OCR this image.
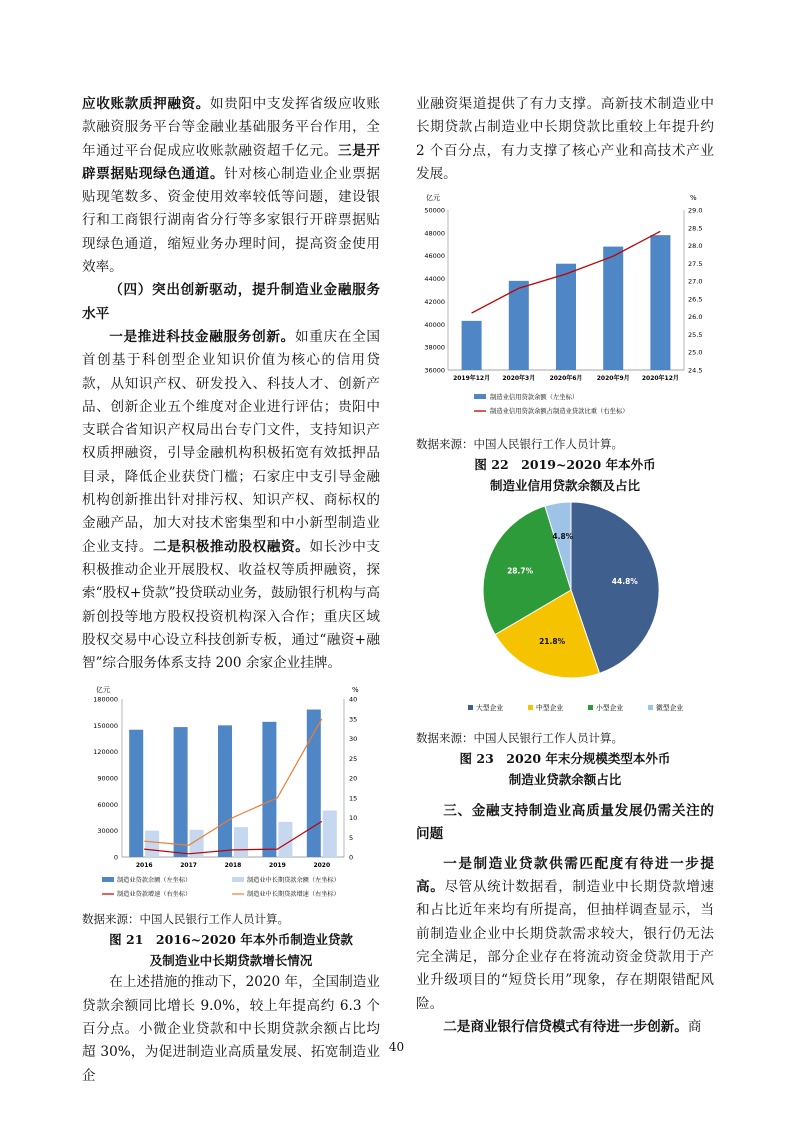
应收账款质押融资。如贵阳中支发挥省级应收账款融资服务平台等金融业基础服务平台作用，全年通过平台促成应收账款融资超千亿元。三是开辟票据贴现绿色通道。针对核心制造业企业票据贴现笔数多、资金使用效率较低等问题，建设银行和工商银行湖南省分行等多家银行开辟票据贴现绿色通道，缩短业务办理时间，提高资金使用效率。

（四）突出创新驱动，提升制造业金融服务水平

一是推进科技金融服务创新。如重庆在全国首创基于科创型企业知识价值为核心的信用贷款，从知识产权、研发投入、科技人才、创新产品、创新企业五个维度对企业进行评估；贵阳中支联合省知识产权局出台专门文件，支持知识产权质押融资，引导金融机构积极拓宽有效抵押品目录，降低企业获贷门槛；石家庄中支引导金融机构创新推出针对排污权、知识产权、商标权的金融产品，加大对技术密集型和中小新型制造业企业支持。二是积极推动股权融资。如长沙中支积极推动企业开展股权、收益权等质押融资，探索“股权+贷款”投贷联动业务，鼓励银行机构与高新创投等地方股权投资机构深入合作；重庆区域股权交易中心设立科技创新专板，通过“融资+融智”综合服务体系支持 200 余家企业挂牌。

亿元	%
0
30000
60000
90000
120000
150000
180000
0
5
10
15
20
25
30
35
40
2016	2017	2018	2019	2020
制造业贷款余额（左坐标）	制造业中长期贷款余额（左坐标）
制造业贷款增速（右坐标）	制造业中长期贷款增速（右坐标）

数据来源：中国人民银行工作人员计算。

图 21　2016~2020 年本外币制造业贷款
及制造业中长期贷款增长情况

在上述措施的推动下，2020 年，全国制造业贷款余额同比增长 9.0%，较上年提高约 6.3 个百分点。小微企业贷款和中长期贷款余额占比均超 30%，为促进制造业高质量发展、拓宽制造业企

业融资渠道提供了有力支撑。高新技术制造业中长期贷款占制造业中长期贷款比重较上年提升约 2 个百分点，有力支撑了核心产业和高技术产业发展。

亿元	%
36000
38000
40000
42000
44000
46000
48000
50000
24.5
25.0
25.5
26.0
26.5
27.0
27.5
28.0
28.5
29.0
2019年12月 2020年3月 2020年6月 2020年9月 2020年12月
制造业信用贷款余额（左坐标）
制造业信用贷款余额占制造业贷款比重（右坐标）

数据来源：中国人民银行工作人员计算。

图 22　2019~2020 年本外币
制造业信用贷款余额及占比

44.8%
21.8%
28.7%
4.8%
大型企业	中型企业	小型企业	微型企业

数据来源：中国人民银行工作人员计算。

图 23　2020 年末分规模类型本外币
制造业贷款余额占比

三、金融支持制造业高质量发展仍需关注的问题

一是制造业贷款供需匹配度有待进一步提高。尽管从统计数据看，制造业中长期贷款增速和占比近年来均有所提高，但抽样调查显示，当前制造业企业中长期贷款需求较大，银行仍无法完全满足，部分企业存在将流动资金贷款用于产业升级项目的“短贷长用”现象，存在期限错配风险。

二是商业银行信贷模式有待进一步创新。商

40
